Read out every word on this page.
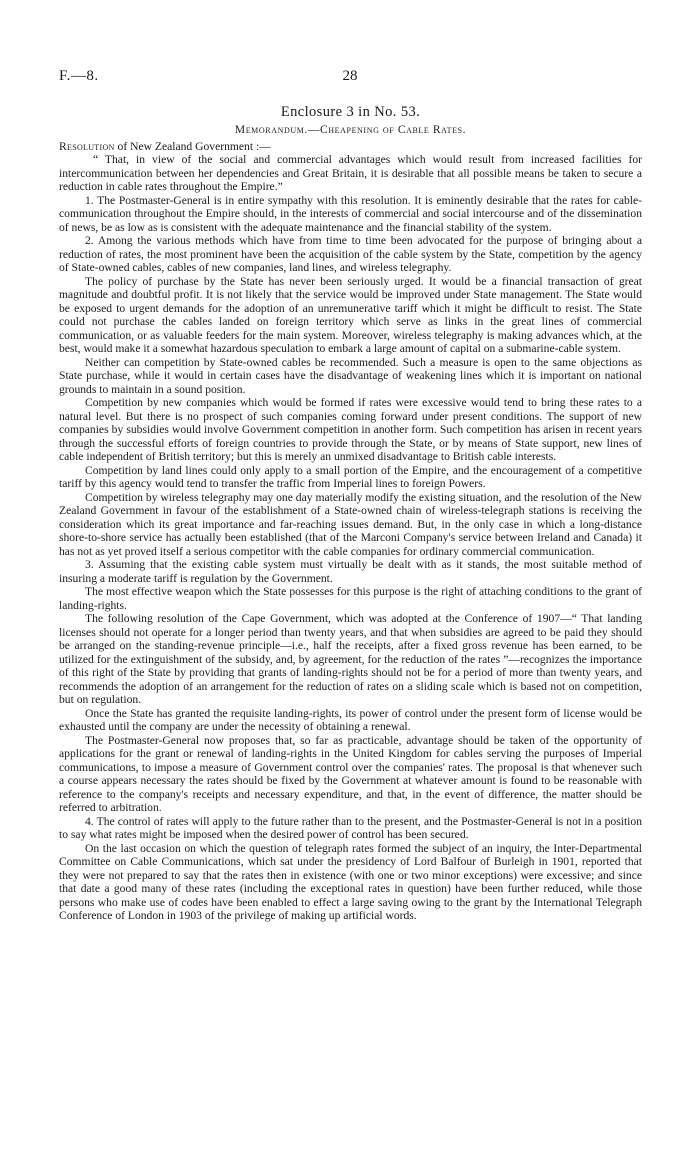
F.—8.	28
Enclosure 3 in No. 53.
Memorandum.—Cheapening of Cable Rates.
Resolution of New Zealand Government :—

“ That, in view of the social and commercial advantages which would result from increased facilities for intercommunication between her dependencies and Great Britain, it is desirable that all possible means be taken to secure a reduction in cable rates throughout the Empire.”

1. The Postmaster-General is in entire sympathy with this resolution. It is eminently desirable that the rates for cable-communication throughout the Empire should, in the interests of commercial and social intercourse and of the dissemination of news, be as low as is consistent with the adequate maintenance and the financial stability of the system.

2. Among the various methods which have from time to time been advocated for the purpose of bringing about a reduction of rates, the most prominent have been the acquisition of the cable system by the State, competition by the agency of State-owned cables, cables of new companies, land lines, and wireless telegraphy.

The policy of purchase by the State has never been seriously urged. It would be a financial transaction of great magnitude and doubtful profit. It is not likely that the service would be improved under State management. The State would be exposed to urgent demands for the adoption of an unremunerative tariff which it might be difficult to resist. The State could not purchase the cables landed on foreign territory which serve as links in the great lines of commercial communication, or as valuable feeders for the main system. Moreover, wireless telegraphy is making advances which, at the best, would make it a somewhat hazardous speculation to embark a large amount of capital on a submarine-cable system.

Neither can competition by State-owned cables be recommended. Such a measure is open to the same objections as State purchase, while it would in certain cases have the disadvantage of weakening lines which it is important on national grounds to maintain in a sound position.

Competition by new companies which would be formed if rates were excessive would tend to bring these rates to a natural level. But there is no prospect of such companies coming forward under present conditions. The support of new companies by subsidies would involve Government competition in another form. Such competition has arisen in recent years through the successful efforts of foreign countries to provide through the State, or by means of State support, new lines of cable independent of British territory; but this is merely an unmixed disadvantage to British cable interests.

Competition by land lines could only apply to a small portion of the Empire, and the encouragement of a competitive tariff by this agency would tend to transfer the traffic from Imperial lines to foreign Powers.

Competition by wireless telegraphy may one day materially modify the existing situation, and the resolution of the New Zealand Government in favour of the establishment of a State-owned chain of wireless-telegraph stations is receiving the consideration which its great importance and far-reaching issues demand. But, in the only case in which a long-distance shore-to-shore service has actually been established (that of the Marconi Company's service between Ireland and Canada) it has not as yet proved itself a serious competitor with the cable companies for ordinary commercial communication.

3. Assuming that the existing cable system must virtually be dealt with as it stands, the most suitable method of insuring a moderate tariff is regulation by the Government.

The most effective weapon which the State possesses for this purpose is the right of attaching conditions to the grant of landing-rights.

The following resolution of the Cape Government, which was adopted at the Conference of 1907—“ That landing licenses should not operate for a longer period than twenty years, and that when subsidies are agreed to be paid they should be arranged on the standing-revenue principle—i.e., half the receipts, after a fixed gross revenue has been earned, to be utilized for the extinguishment of the subsidy, and, by agreement, for the reduction of the rates ”—recognizes the importance of this right of the State by providing that grants of landing-rights should not be for a period of more than twenty years, and recommends the adoption of an arrangement for the reduction of rates on a sliding scale which is based not on competition, but on regulation.

Once the State has granted the requisite landing-rights, its power of control under the present form of license would be exhausted until the company are under the necessity of obtaining a renewal.

The Postmaster-General now proposes that, so far as practicable, advantage should be taken of the opportunity of applications for the grant or renewal of landing-rights in the United Kingdom for cables serving the purposes of Imperial communications, to impose a measure of Government control over the companies' rates. The proposal is that whenever such a course appears necessary the rates should be fixed by the Government at whatever amount is found to be reasonable with reference to the company's receipts and necessary expenditure, and that, in the event of difference, the matter should be referred to arbitration.

4. The control of rates will apply to the future rather than to the present, and the Postmaster-General is not in a position to say what rates might be imposed when the desired power of control has been secured.

On the last occasion on which the question of telegraph rates formed the subject of an inquiry, the Inter-Departmental Committee on Cable Communications, which sat under the presidency of Lord Balfour of Burleigh in 1901, reported that they were not prepared to say that the rates then in existence (with one or two minor exceptions) were excessive; and since that date a good many of these rates (including the exceptional rates in question) have been further reduced, while those persons who make use of codes have been enabled to effect a large saving owing to the grant by the International Telegraph Conference of London in 1903 of the privilege of making up artificial words.
